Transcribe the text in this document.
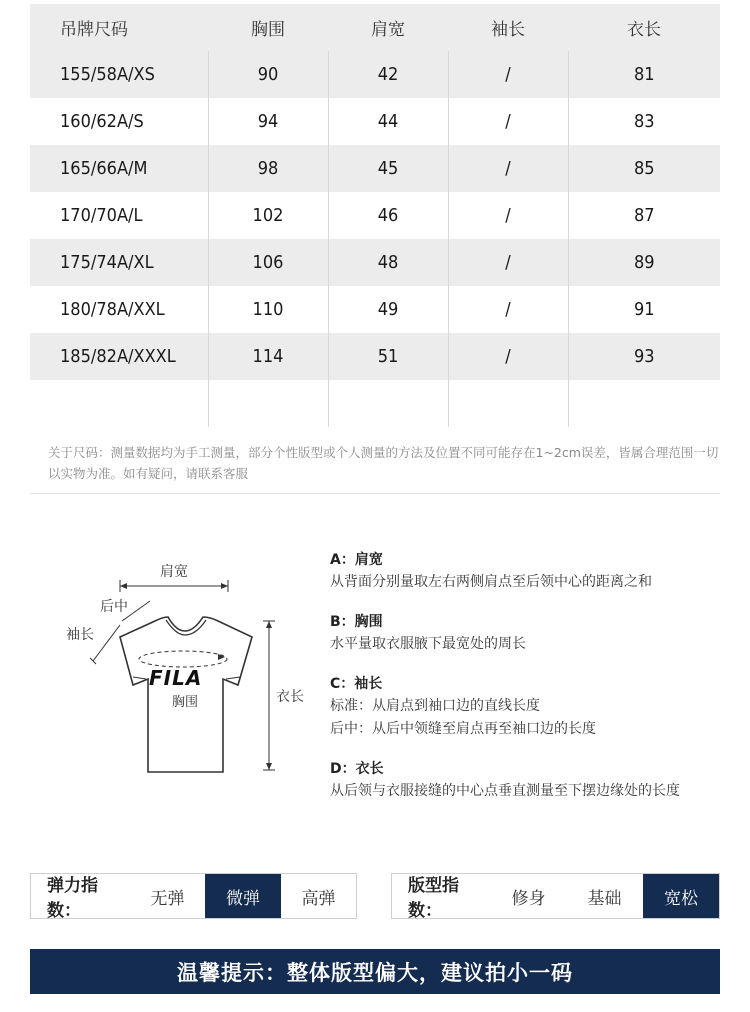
吊牌尺码	胸围	肩宽	袖长	衣长
155/58A/XS	90	42	/	81
160/62A/S	94	44	/	83
165/66A/M	98	45	/	85
170/70A/L	102	46	/	87
175/74A/XL	106	48	/	89
180/78A/XXL	110	49	/	91
185/82A/XXXL	114	51	/	93

关于尺码：测量数据均为手工测量，部分个性版型或个人测量的方法及位置不同可能存在1~2cm误差，皆属合理范围一切以实物为准。如有疑问，请联系客服
肩宽
后中
袖长
FILA
胸围	衣长
A：肩宽
从背面分别量取左右两侧肩点至后领中心的距离之和
B：胸围
水平量取衣服腋下最宽处的周长
C：袖长
标准：从肩点到袖口边的直线长度
后中：从后中领缝至肩点再至袖口边的长度
D：衣长
从后领与衣服接缝的中心点垂直测量至下摆边缘处的长度
弹力指数：
无弹	微弹	高弹
版型指数：
修身	基础	宽松
温馨提示：整体版型偏大，建议拍小一码
